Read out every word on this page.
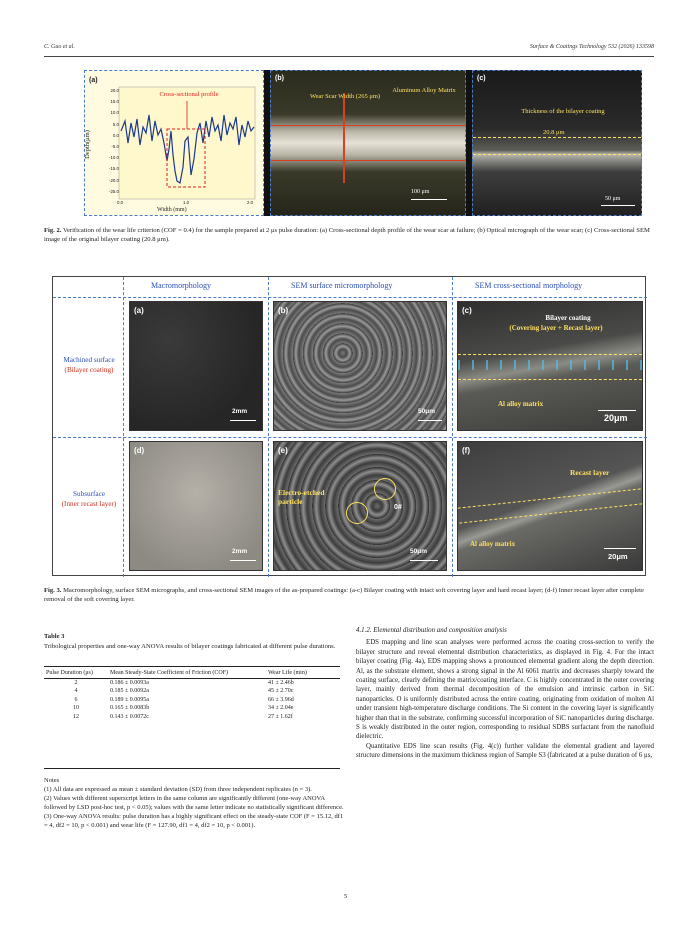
C. Guo et al.	Surface & Coatings Technology 532 (2026) 133598
(a)
Cross-sectional profile
Depth(μm)
Width (mm)
20.0
15.0
10.0
5.0
0.0
-5.0
-10.0
-15.0
-20.0
-25.0
0.0	1.0	2.0
(b)
Wear Scar Width (265 μm)
Aluminum Alloy Matrix
100 μm
(c)
Thickness of the bilayer coating
20.8 μm
50 μm
Fig. 2. Verification of the wear life criterion (COF = 0.4) for the sample prepared at 2 μs pulse duration: (a) Cross-sectional depth profile of the wear scar at failure; (b) Optical micrograph of the wear scar; (c) Cross-sectional SEM image of the original bilayer coating (20.8 μm).
Macromorphology	SEM surface micromorphology	SEM cross-sectional morphology
Machined surface
(Bilayer coating)
Subsurface
(Inner recast layer)
(a)
2mm
(b)
50μm
(c)
Bilayer coating
(Covering layer + Recast layer)
Al alloy matrix
20μm
(d)
2mm
(e)
Electro-etched particle
0#
50μm
(f)
Recast layer
Al alloy matrix
20μm
Fig. 3. Macromorphology, surface SEM micrographs, and cross-sectional SEM images of the as-prepared coatings: (a-c) Bilayer coating with intact soft covering layer and hard recast layer; (d-f) Inner recast layer after complete removal of the soft covering layer.
Table 3
Tribological properties and one-way ANOVA results of bilayer coatings fabricated at different pulse durations.
Pulse Duration (μs)	Mean Steady-State Coefficient of Friction (COF)	Wear Life (min)
2	0.186 ± 0.0093a	41 ± 2.46b
4	0.185 ± 0.0092a	45 ± 2.70c
6	0.189 ± 0.0095a	66 ± 3.96d
10	0.165 ± 0.0083b	34 ± 2.04e
12	0.143 ± 0.0072c	27 ± 1.62f
Notes
(1) All data are expressed as mean ± standard deviation (SD) from three independent replicates (n = 3).
(2) Values with different superscript letters in the same column are significantly different (one-way ANOVA followed by LSD post-hoc test, p < 0.05); values with the same letter indicate no statistically significant difference.
(3) One-way ANOVA results: pulse duration has a highly significant effect on the steady-state COF (F = 15.12, df1 = 4, df2 = 10, p < 0.001) and wear life (F = 127.90, df1 = 4, df2 = 10, p < 0.001).
4.1.2. Elemental distribution and composition analysis

EDS mapping and line scan analyses were performed across the coating cross-section to verify the bilayer structure and reveal elemental distribution characteristics, as displayed in Fig. 4. For the intact bilayer coating (Fig. 4a), EDS mapping shows a pronounced elemental gradient along the depth direction. Al, as the substrate element, shows a strong signal in the Al 6061 matrix and decreases sharply toward the coating surface, clearly defining the matrix/coating interface. C is highly concentrated in the outer covering layer, mainly derived from thermal decomposition of the emulsion and intrinsic carbon in SiC nanoparticles. O is uniformly distributed across the entire coating, originating from oxidation of molten Al under transient high-temperature discharge conditions. The Si content in the covering layer is significantly higher than that in the substrate, confirming successful incorporation of SiC nanoparticles during discharge. S is weakly distributed in the outer region, corresponding to residual SDBS surfactant from the nanofluid dielectric.

Quantitative EDS line scan results (Fig. 4(c)) further validate the elemental gradient and layered structure dimensions in the maximum thickness region of Sample S3 (fabricated at a pulse duration of 6 μs,

5
